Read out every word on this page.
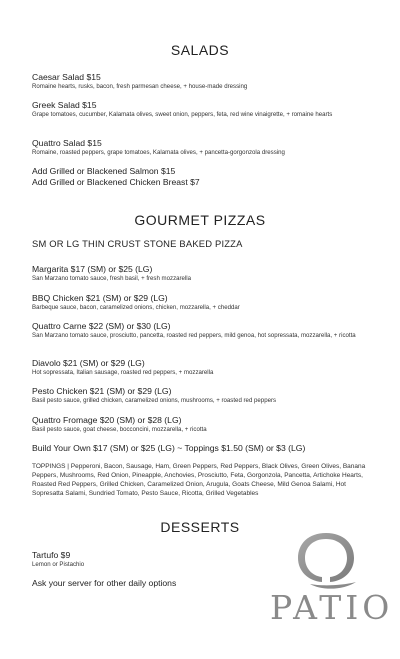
SALADS
Caesar Salad $15
Romaine hearts, rusks, bacon, fresh parmesan cheese, + house-made dressing
Greek Salad $15
Grape tomatoes, cucumber, Kalamata olives, sweet onion, peppers, feta, red wine vinaigrette, + romaine hearts
Quattro Salad $15
Romaine, roasted peppers, grape tomatoes, Kalamata olives, + pancetta-gorgonzola dressing
Add Grilled or Blackened Salmon $15
Add Grilled or Blackened Chicken Breast $7
GOURMET PIZZAS
SM OR LG THIN CRUST STONE BAKED PIZZA
Margarita $17 (SM) or $25 (LG)
San Marzano tomato sauce, fresh basil, + fresh mozzarella
BBQ Chicken $21 (SM) or $29 (LG)
Barbeque sauce, bacon, caramelized onions, chicken, mozzarella, + cheddar
Quattro Carne $22 (SM) or $30 (LG)
San Marzano tomato sauce, prosciutto, pancetta, roasted red peppers, mild genoa, hot sopressata, mozzarella, + ricotta
Diavolo $21 (SM) or $29 (LG)
Hot sopressata, Italian sausage, roasted red peppers, + mozzarella
Pesto Chicken $21 (SM) or $29 (LG)
Basil pesto sauce, grilled chicken, caramelized onions, mushrooms, + roasted red peppers
Quattro Fromage $20 (SM) or $28 (LG)
Basil pesto sauce, goat cheese, bocconcini, mozzarella, + ricotta
Build Your Own $17 (SM) or $25 (LG) ~ Toppings $1.50 (SM) or $3 (LG)
TOPPINGS | Pepperoni, Bacon, Sausage, Ham, Green Peppers, Red Peppers, Black Olives, Green Olives, Banana Peppers, Mushrooms, Red Onion, Pineapple, Anchovies, Prosciutto, Feta, Gorgonzola, Pancetta, Artichoke Hearts, Roasted Red Peppers, Grilled Chicken, Caramelized Onion, Arugula, Goats Cheese, Mild Genoa Salami, Hot Sopresatta Salami, Sundried Tomato, Pesto Sauce, Ricotta, Grilled Vegetables
DESSERTS
Tartufo $9
Lemon or Pistachio
Ask your server for other daily options
PATIO
